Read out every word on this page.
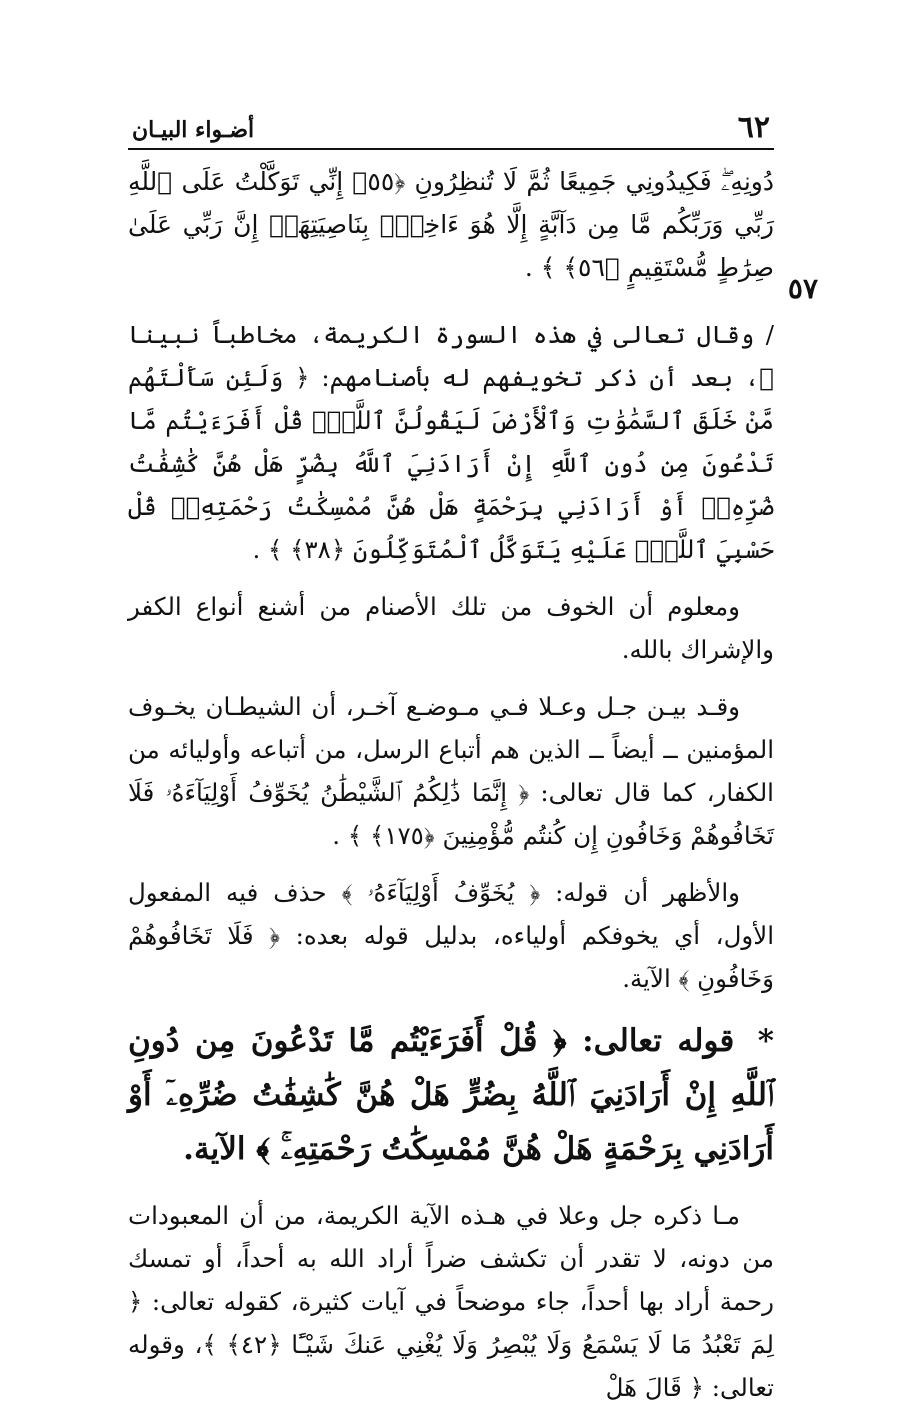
٦٢
أضـواء البيـان
٥٧

دُونِهِۦۖ فَكِيدُونِي جَمِيعًا ثُمَّ لَا تُنظِرُونِ ﴿٥٥﴾ إِنِّي تَوَكَّلْتُ عَلَى ٱللَّهِ رَبِّي وَرَبِّكُم مَّا مِن دَآبَّةٍ إِلَّا هُوَ ءَاخِذُۢ بِنَاصِيَتِهَآۚ إِنَّ رَبِّي عَلَىٰ صِرَٰطٍ مُّسْتَقِيمٍ ﴿٥٦﴾ ﴾ .

/ وقال تعالى في هذه السورة الكريمة، مخاطباً نبينا ﷺ، بعد أن ذكر تخويفهم له بأصنامهم: ﴿ وَلَئِن سَأَلْتَهُم مَّنْ خَلَقَ ٱلسَّمَٰوَٰتِ وَٱلْأَرْضَ لَيَقُولُنَّ ٱللَّهُۚ قُلْ أَفَرَءَيْتُم مَّا تَدْعُونَ مِن دُونِ ٱللَّهِ إِنْ أَرَادَنِيَ ٱللَّهُ بِضُرٍّ هَلْ هُنَّ كَٰشِفَٰتُ ضُرِّهِۦٓ أَوْ أَرَادَنِي بِرَحْمَةٍ هَلْ هُنَّ مُمْسِكَٰتُ رَحْمَتِهِۦۚ قُلْ حَسْبِيَ ٱللَّهُۖ عَلَيْهِ يَتَوَكَّلُ ٱلْمُتَوَكِّلُونَ ﴿٣٨﴾ ﴾ .

ومعلوم أن الخوف من تلك الأصنام من أشنع أنواع الكفر والإشراك بالله.

وقـد بيـن جـل وعـلا فـي مـوضـع آخـر، أن الشيطـان يخـوف المؤمنين ــ أيضاً ــ الذين هم أتباع الرسل، من أتباعه وأوليائه من الكفار، كما قال تعالى: ﴿ إِنَّمَا ذَٰلِكُمُ ٱلشَّيْطَٰنُ يُخَوِّفُ أَوْلِيَآءَهُۥ فَلَا تَخَافُوهُمْ وَخَافُونِ إِن كُنتُم مُّؤْمِنِينَ ﴿١٧٥﴾ ﴾ .

والأظهر أن قوله: ﴿ يُخَوِّفُ أَوْلِيَآءَهُۥ ﴾ حذف فيه المفعول الأول، أي يخوفكم أولياءه، بدليل قوله بعده: ﴿ فَلَا تَخَافُوهُمْ وَخَافُونِ ﴾ الآية.

* قوله تعالى: ﴿ قُلْ أَفَرَءَيْتُم مَّا تَدْعُونَ مِن دُونِ ٱللَّهِ إِنْ أَرَادَنِيَ ٱللَّهُ بِضُرٍّ هَلْ هُنَّ كَٰشِفَٰتُ ضُرِّهِۦٓ أَوْ أَرَادَنِي بِرَحْمَةٍ هَلْ هُنَّ مُمْسِكَٰتُ رَحْمَتِهِۦۚ ﴾ الآية.

مـا ذكره جل وعلا في هـذه الآية الكريمة، من أن المعبودات من دونه، لا تقدر أن تكشف ضراً أراد الله به أحداً، أو تمسك رحمة أراد بها أحداً، جاء موضحاً في آيات كثيرة، كقوله تعالى: ﴿ لِمَ تَعْبُدُ مَا لَا يَسْمَعُ وَلَا يُبْصِرُ وَلَا يُغْنِي عَنكَ شَيْـًٔا ﴿٤٢﴾ ﴾، وقوله تعالى: ﴿ قَالَ هَلْ
